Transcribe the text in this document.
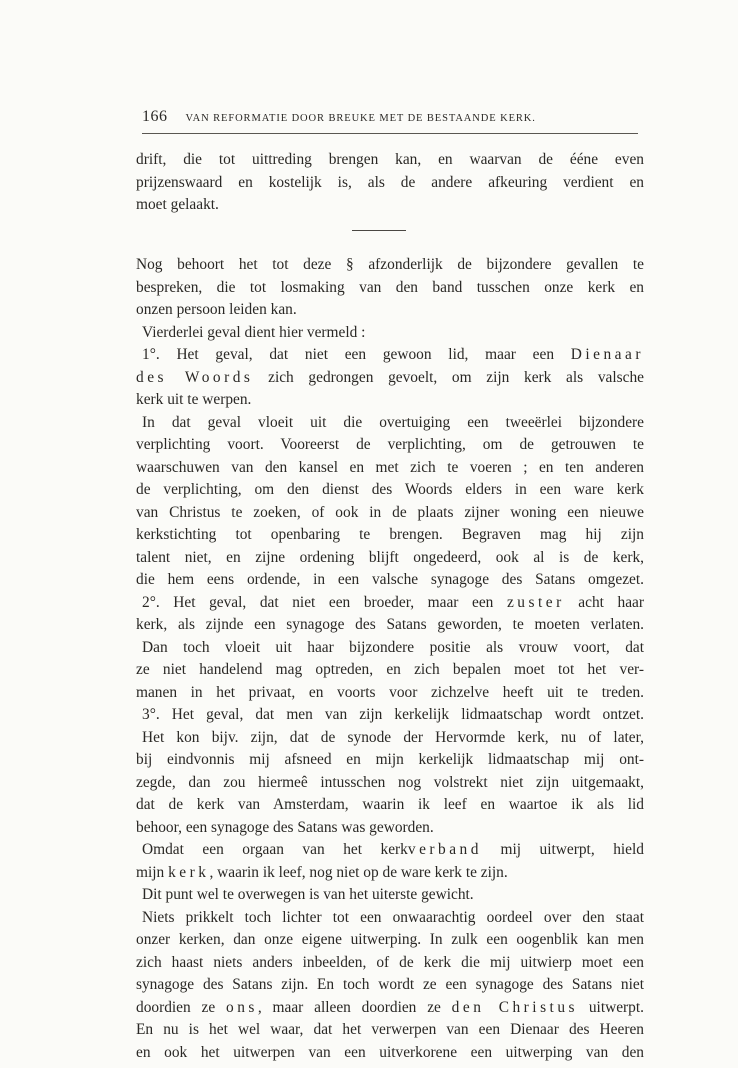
166 VAN REFORMATIE DOOR BREUKE MET DE BESTAANDE KERK.
drift, die tot uittreding brengen kan, en waarvan de ééne even
prijzenswaard en kostelijk is, als de andere afkeuring verdient en
moet gelaakt.
Nog behoort het tot deze § afzonderlijk de bijzondere gevallen te
bespreken, die tot losmaking van den band tusschen onze kerk en
onzen persoon leiden kan.
Vierderlei geval dient hier vermeld :
1°. Het geval, dat niet een gewoon lid, maar een Dienaar
des Woords zich gedrongen gevoelt, om zijn kerk als valsche
kerk uit te werpen.
In dat geval vloeit uit die overtuiging een tweeërlei bijzondere
verplichting voort. Vooreerst de verplichting, om de getrouwen te
waarschuwen van den kansel en met zich te voeren ; en ten anderen
de verplichting, om den dienst des Woords elders in een ware kerk
van Christus te zoeken, of ook in de plaats zijner woning een nieuwe
kerkstichting tot openbaring te brengen. Begraven mag hij zijn
talent niet, en zijne ordening blijft ongedeerd, ook al is de kerk,
die hem eens ordende, in een valsche synagoge des Satans omgezet.
2°. Het geval, dat niet een broeder, maar een zuster acht haar
kerk, als zijnde een synagoge des Satans geworden, te moeten verlaten.
Dan toch vloeit uit haar bijzondere positie als vrouw voort, dat
ze niet handelend mag optreden, en zich bepalen moet tot het ver-
manen in het privaat, en voorts voor zichzelve heeft uit te treden.
3°. Het geval, dat men van zijn kerkelijk lidmaatschap wordt ontzet.
Het kon bijv. zijn, dat de synode der Hervormde kerk, nu of later,
bij eindvonnis mij afsneed en mijn kerkelijk lidmaatschap mij ont-
zegde, dan zou hiermeê intusschen nog volstrekt niet zijn uitgemaakt,
dat de kerk van Amsterdam, waarin ik leef en waartoe ik als lid
behoor, een synagoge des Satans was geworden.
Omdat een orgaan van het kerkverband mij uitwerpt, hield
mijn kerk, waarin ik leef, nog niet op de ware kerk te zijn.
Dit punt wel te overwegen is van het uiterste gewicht.
Niets prikkelt toch lichter tot een onwaarachtig oordeel over den staat
onzer kerken, dan onze eigene uitwerping. In zulk een oogenblik kan men
zich haast niets anders inbeelden, of de kerk die mij uitwierp moet een
synagoge des Satans zijn. En toch wordt ze een synagoge des Satans niet
doordien ze ons, maar alleen doordien ze den Christus uitwerpt.
En nu is het wel waar, dat het verwerpen van een Dienaar des Heeren
en ook het uitwerpen van een uitverkorene een uitwerping van den
